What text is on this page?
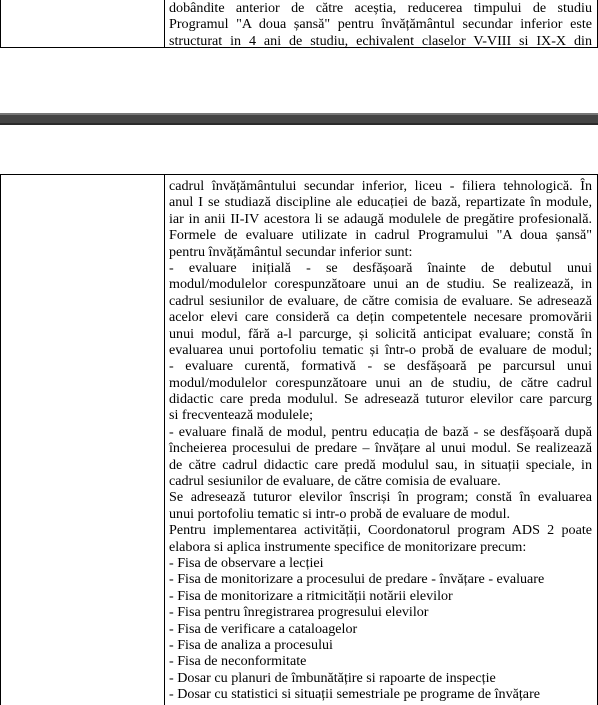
dobândite anterior de către aceștia, reducerea timpului de studiu
Programul "A doua șansă" pentru învățământul secundar inferior este
structurat in 4 ani de studiu, echivalent claselor V-VIII si IX-X din
cadrul învățământului secundar inferior, liceu - filiera tehnologică. În
anul I se studiază discipline ale educației de bază, repartizate în module,
iar in anii II-IV acestora li se adaugă modulele de pregătire profesională.
Formele de evaluare utilizate in cadrul Programului "A doua șansă"
pentru învățământul secundar inferior sunt:
- evaluare inițială - se desfășoară înainte de debutul unui
modul/modulelor corespunzătoare unui an de studiu. Se realizează, in
cadrul sesiunilor de evaluare, de către comisia de evaluare. Se adresează
acelor elevi care consideră ca dețin competentele necesare promovării
unui modul, fără a-l parcurge, și solicită anticipat evaluare; constă în
evaluarea unui portofoliu tematic și într-o probă de evaluare de modul;
- evaluare curentă, formativă - se desfășoară pe parcursul unui
modul/modulelor corespunzătoare unui an de studiu, de către cadrul
didactic care preda modulul. Se adresează tuturor elevilor care parcurg
si frecventează modulele;
- evaluare finală de modul, pentru educația de bază - se desfășoară după
încheierea procesului de predare – învățare al unui modul. Se realizează
de către cadrul didactic care predă modulul sau, in situații speciale, in
cadrul sesiunilor de evaluare, de către comisia de evaluare.
Se adresează tuturor elevilor înscriși în program; constă în evaluarea
unui portofoliu tematic si intr-o probă de evaluare de modul.
Pentru implementarea activității, Coordonatorul program ADS 2 poate
elabora si aplica instrumente specifice de monitorizare precum:
- Fisa de observare a lecției
- Fisa de monitorizare a procesului de predare - învățare - evaluare
- Fisa de monitorizare a ritmicității notării elevilor
- Fisa pentru înregistrarea progresului elevilor
- Fisa de verificare a cataloagelor
- Fisa de analiza a procesului
- Fisa de neconformitate
- Dosar cu planuri de îmbunătățire si rapoarte de inspecție
- Dosar cu statistici si situații semestriale pe programe de învățare
